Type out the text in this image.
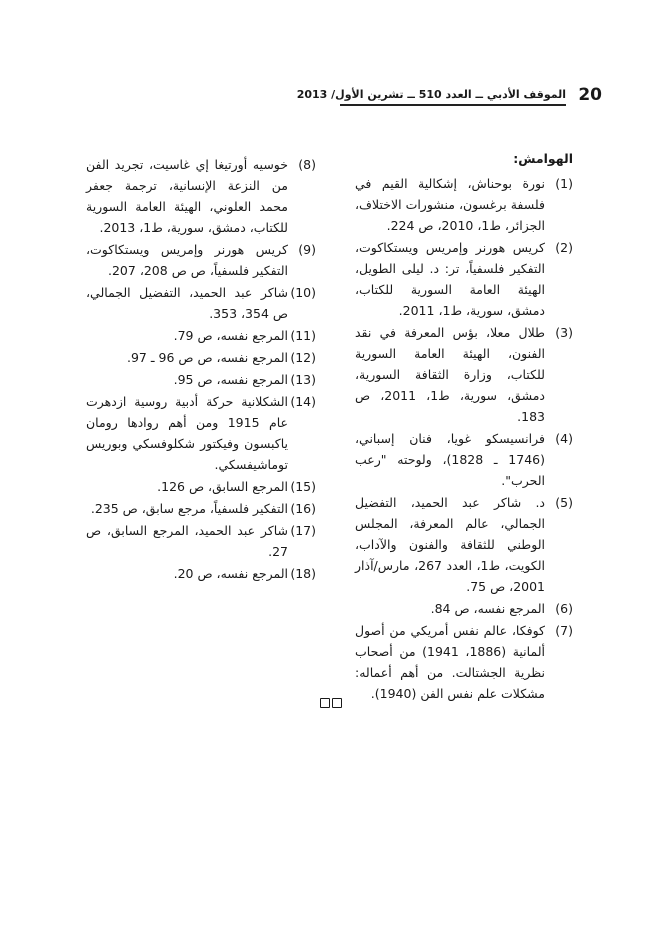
20
الموقف الأدبي ــ العدد 510 ــ تشرين الأول/ 2013
الهوامش:
(1)
نورة بوحناش، إشكالية القيم في فلسفة برغسون، منشورات الاختلاف، الجزائر، ط1، 2010، ص 224.
(2)
كريس هورنر وإمريس ويستكاكوت، التفكير فلسفياً، تر: د. ليلى الطويل، الهيئة العامة السورية للكتاب، دمشق، سورية، ط1، 2011.
(3)
طلال معلا، بؤس المعرفة في نقد الفنون، الهيئة العامة السورية للكتاب، وزارة الثقافة السورية، دمشق، سورية، ط1، 2011، ص 183.
(4)
فرانسيسكو غويا، فنان إسباني، (1746 ـ 1828)، ولوحته "رعب الحرب".
(5)
د. شاكر عبد الحميد، التفضيل الجمالي، عالم المعرفة، المجلس الوطني للثقافة والفنون والآداب، الكويت، ط1، العدد 267، مارس/آذار 2001، ص 75.
(6)
المرجع نفسه، ص 84.
(7)
كوفكا، عالم نفس أمريكي من أصول ألمانية (1886، 1941) من أصحاب نظرية الجشتالت. من أهم أعماله: مشكلات علم نفس الفن (1940).
(8)
خوسيه أورتيغا إي غاسيت، تجريد الفن من النزعة الإنسانية، ترجمة جعفر محمد العلوني، الهيئة العامة السورية للكتاب، دمشق، سورية، ط1، 2013.
(9)
كريس هورنر وإمريس ويستكاكوت، التفكير فلسفياً، ص ص 208، 207.
(10)
شاكر عبد الحميد، التفضيل الجمالي، ص 354، 353.
(11)
المرجع نفسه، ص 79.
(12)
المرجع نفسه، ص ص 96 ـ 97.
(13)
المرجع نفسه، ص 95.
(14)
الشكلانية حركة أدبية روسية ازدهرت عام 1915 ومن أهم روادها رومان ياكبسون وفيكتور شكلوفسكي وبوريس توماشيفسكي.
(15)
المرجع السابق، ص 126.
(16)
التفكير فلسفياً، مرجع سابق، ص 235.
(17)
شاكر عبد الحميد، المرجع السابق، ص 27.
(18)
المرجع نفسه، ص 20.
